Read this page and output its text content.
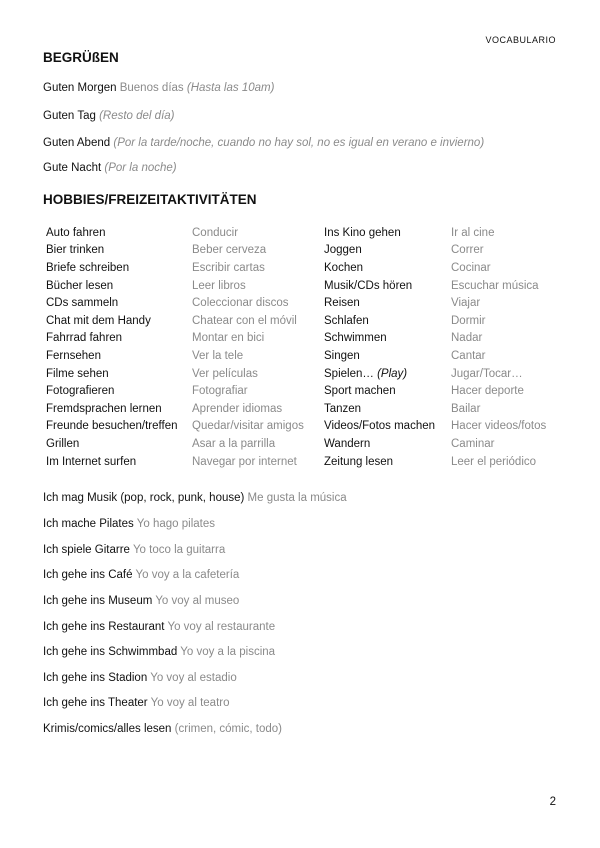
VOCABULARIO
BEGRÜßEN
Guten Morgen Buenos días (Hasta las 10am)
Guten Tag (Resto del día)
Guten Abend (Por la tarde/noche, cuando no hay sol, no es igual en verano e invierno)
Gute Nacht (Por la noche)
HOBBIES/FREIZEITAKTIVITÄTEN
Auto fahren	Conducir	Ins Kino gehen	Ir al cine
Bier trinken	Beber cerveza	Joggen	Correr
Briefe schreiben	Escribir cartas	Kochen	Cocinar
Bücher lesen	Leer libros	Musik/CDs hören	Escuchar música
CDs sammeln	Coleccionar discos	Reisen	Viajar
Chat mit dem Handy	Chatear con el móvil	Schlafen	Dormir
Fahrrad fahren	Montar en bici	Schwimmen	Nadar
Fernsehen	Ver la tele	Singen	Cantar
Filme sehen	Ver películas	Spielen… (Play)	Jugar/Tocar…
Fotografieren	Fotografiar	Sport machen	Hacer deporte
Fremdsprachen lernen	Aprender idiomas	Tanzen	Bailar
Freunde besuchen/treffen	Quedar/visitar amigos	Videos/Fotos machen	Hacer videos/fotos
Grillen	Asar a la parrilla	Wandern	Caminar
Im Internet surfen	Navegar por internet	Zeitung lesen	Leer el periódico
Ich mag Musik (pop, rock, punk, house) Me gusta la música
Ich mache Pilates Yo hago pilates
Ich spiele Gitarre Yo toco la guitarra
Ich gehe ins Café Yo voy a la cafetería
Ich gehe ins Museum Yo voy al museo
Ich gehe ins Restaurant Yo voy al restaurante
Ich gehe ins Schwimmbad Yo voy a la piscina
Ich gehe ins Stadion Yo voy al estadio
Ich gehe ins Theater Yo voy al teatro
Krimis/comics/alles lesen (crimen, cómic, todo)
2
